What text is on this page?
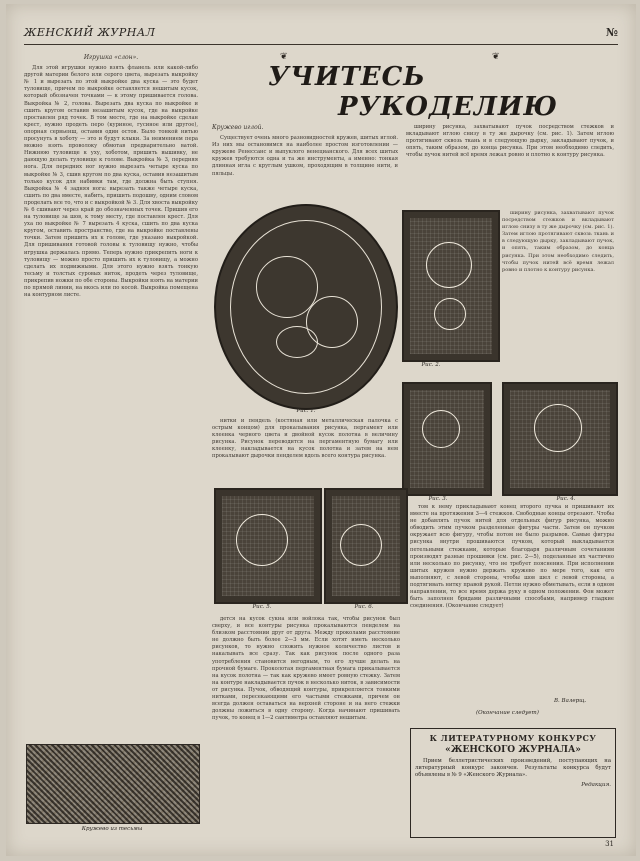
ЖЕНСКИЙ ЖУРНАЛ	№
Игрушка «слон».

Для этой игрушки нужно взять фланель или какой-либо другой материи белого или серого цвета, вырезать выкройку № 1 и вырезать по этой выкройке два куска — это будет туловище, причем по выкройке оставляется нешитым кусок, который обозначен точками — к этому пришивается голова. Выкройка № 2, голова. Вырезать два куска по выкройке и сшить кругом оставив незашитым кусок, где на выкройке проставлен ряд точек. В том месте, где на выкройке сделан крест, нужно продеть перо (куриное, гусиное или другое), опорная сервьенш, оставив один остов. Было тонкой нитью просунуть в хоботу — это и будут клыки. За неимением пера можно взять проволоку обмотав предварительно ватой. Нижнюю туловище к уху, хоботом, пришить вышивку, не дающую делать туловище к голове. Выкройка № 3, передняя нога. Для передних ног нужно вырезать четыре куска по выкройке № 3, сшив кругом по два куска, оставив незашитым только кусок для набивки там, где должна быть ступня. Выкройка № 4 задняя нога: вырезать также четыре куска, сшить по два вместе, набить, пришить подошву, одним словом проделать все то, что и с выкройкой № 3. Для хвоста выкройку № 6 сшивают через край до обозначенных точек. Пришив его на туловище за шов, к тому месту, где поставлен крест. Для уха по выкройке № 7 вырезать 4 куска, сшить по два куска кругом, оставить пространство, где на выкройке поставлены точки. Затем пришить их к голове, где указано выкройкой. Для пришивания готовой головы к туловищу нужно, чтобы игрушка держалась прямо. Теперь нужно прикрепить ноги к туловищу — можно просто пришить их к туловищу, а можно сделать их подвижными. Для этого нужно взять тонкую тесьму и толстых суровых ниток, продеть через туловище, прикрепив ножки по обе стороны. Выкройки взять на материи по прямой линии, на вкось или по косой. Выкройка помещена на контурном листе.

Кружево из тесьмы
❦
УЧИТЕСЬ
РУКОДЕЛИЮ
❦
Кружево иглой.

Существует очень много разновидностей кружев, шитых иглой. Из них мы остановимся на наиболее простом изготовлении — кружеве Ренессанс и выпуклого венецианского. Для всех шитых кружев требуются одна и та же инструменты, а именно: тонкая длинная игла с круглым ушком, проходящим в толщине нити, и пяльцы.

ширину рисунка, захватывают пучок посредством стежков и вкладывают иглою снизу в ту же дырочку (см. рис. 1). Затем иглою протягивают сквозь ткань и в следующую дырку, закладывают пучок, и опять, таким образом, до конца рисунка. При этом необходимо следить, чтобы пучок нитей всё время лежал ровно и плотно к контуру рисунка.

Рис. 1.
Рис. 2.

ширину рисунка, захватывают пучок посредством стежков и вкладывают иглою снизу в ту же дырочку (см. рис. 1). Затем иглою протягивают сквозь ткань и в следующую дырку, закладывают пучок, и опять, таким образом, до конца рисунка. При этом необходимо следить, чтобы пучок нитей всё время лежал ровно и плотно к контуру рисунка.

Рис. 3.	Рис. 4.

нитки и пендель (костяная или металлическая палочка с острым концом) для прокалывания рисунка, пергамент или клеенка черного цвета и двойной кусок полотна в величину рисунка. Рисунок переводится на пергаментную бумагу или клеенку, накладывается на кусок полотна и затем на нем прокалывают дырочки пенделем вдоль всего контура рисунка.

Рис. 5.	Рис. 6.

дется на кусок сукна или войлока так, чтобы рисунок был сверху, и все контуры рисунка прокалываются пенделем на близком расстоянии друг от друга. Между проколами расстояние не должно быть более 2—3 мм. Если хотят иметь несколько рисунков, то нужно сложить нужное количество листов и накалывать все сразу. Так как рисунок после одного раза употребления становится негодным, то его лучше делать на прочной бумаге. Проколотая пергаментная бумага прикалывается на кусок полотна — так как кружево имеет ровную стежку. Затем на контуре накладывается пучок в несколько ниток, в зависимости от рисунка. Пучок, обводящий контуры, прикрепляется тонкими нитками, пересекающими его частыми стежками, причем он всегда должен оставаться на верхней стороне и на него стежки должны ложиться в одну сторону. Когда начинают пришивать пучок, то конец в 1—2 сантиметра оставляют нешитым.

том к нему прикладывают конец второго пучка и пришивают их вместе на протяжении 3—4 стежков. Свободные концы отрезают. Чтобы не добавлять пучок нитей для отдельных фигур рисунка, можно обводить этим пучком разделенные фигуры части. Затем он пучком окружает всю фигуру, чтобы потом не было разрывов. Самые фигуры рисунка внутри прошиваются пучком, который выкладывается петельными стежками, которые благодаря различным сочетаниям производят разные прошивки (см. рис. 2—5), поделанные их частично или несколько по рисунку, что не требует пояснения. При исполнении шитых кружев нужно держать кружево по мере того, как его выполняют, с левой стороны, чтобы шов шел с левой стороны, а подтягивать нитку правой рукой. Петли нужно обметывать, если в одном направлении, то все время держа руку в одном положении. Фон может быть заполнен бридами различными способами, например гладкие соединения. (Окончание следует)

В. Валерщ.
(Окончание следует)
К ЛИТЕРАТУРНОМУ КОНКУРСУ
«ЖЕНСКОГО ЖУРНАЛА»

Прием беллетристических произведений, поступающих на литературный конкурс закончен. Результаты конкурса будут объявлены в № 9 «Женского Журнала».

Редакция.
31
